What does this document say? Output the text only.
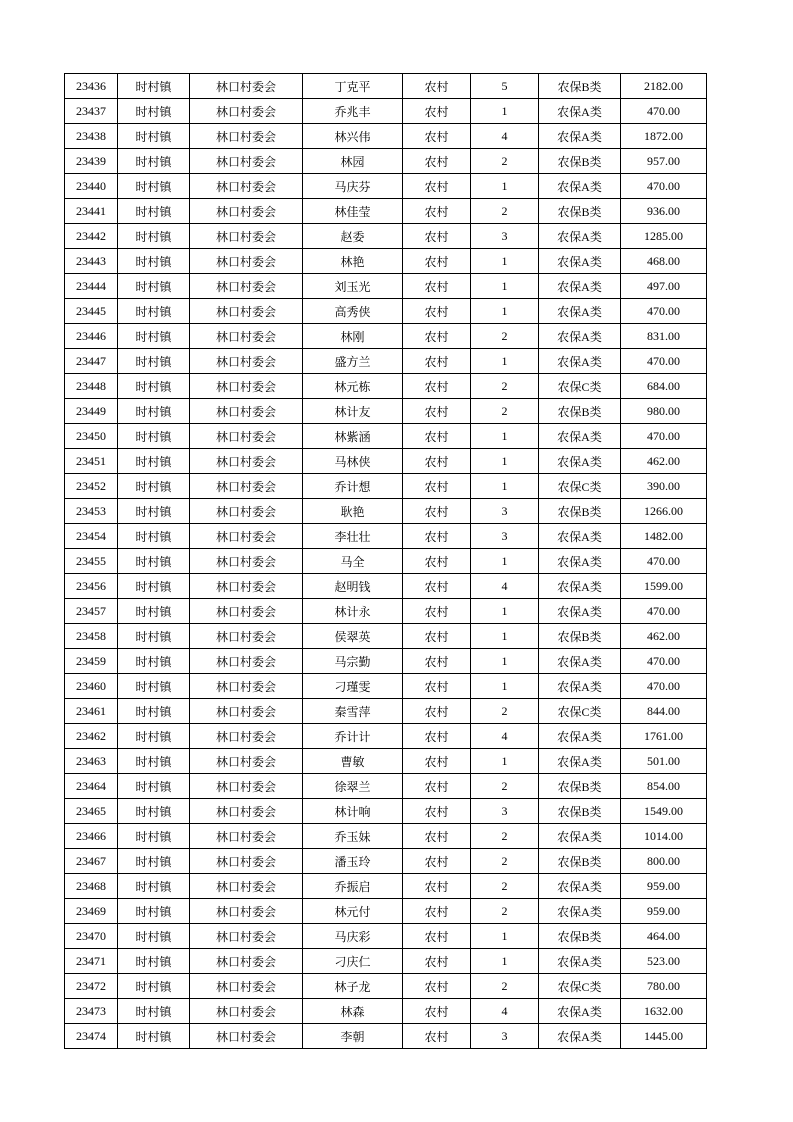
23436	时村镇	林口村委会	丁克平	农村	5	农保B类	2182.00
23437	时村镇	林口村委会	乔兆丰	农村	1	农保A类	470.00
23438	时村镇	林口村委会	林兴伟	农村	4	农保A类	1872.00
23439	时村镇	林口村委会	林园	农村	2	农保B类	957.00
23440	时村镇	林口村委会	马庆芬	农村	1	农保A类	470.00
23441	时村镇	林口村委会	林佳莹	农村	2	农保B类	936.00
23442	时村镇	林口村委会	赵委	农村	3	农保A类	1285.00
23443	时村镇	林口村委会	林艳	农村	1	农保A类	468.00
23444	时村镇	林口村委会	刘玉光	农村	1	农保A类	497.00
23445	时村镇	林口村委会	高秀侠	农村	1	农保A类	470.00
23446	时村镇	林口村委会	林刚	农村	2	农保A类	831.00
23447	时村镇	林口村委会	盛方兰	农村	1	农保A类	470.00
23448	时村镇	林口村委会	林元栋	农村	2	农保C类	684.00
23449	时村镇	林口村委会	林计友	农村	2	农保B类	980.00
23450	时村镇	林口村委会	林紫涵	农村	1	农保A类	470.00
23451	时村镇	林口村委会	马林侠	农村	1	农保A类	462.00
23452	时村镇	林口村委会	乔计想	农村	1	农保C类	390.00
23453	时村镇	林口村委会	耿艳	农村	3	农保B类	1266.00
23454	时村镇	林口村委会	李壮壮	农村	3	农保A类	1482.00
23455	时村镇	林口村委会	马全	农村	1	农保A类	470.00
23456	时村镇	林口村委会	赵明钱	农村	4	农保A类	1599.00
23457	时村镇	林口村委会	林计永	农村	1	农保A类	470.00
23458	时村镇	林口村委会	侯翠英	农村	1	农保B类	462.00
23459	时村镇	林口村委会	马宗勤	农村	1	农保A类	470.00
23460	时村镇	林口村委会	刁瑾雯	农村	1	农保A类	470.00
23461	时村镇	林口村委会	秦雪萍	农村	2	农保C类	844.00
23462	时村镇	林口村委会	乔计计	农村	4	农保A类	1761.00
23463	时村镇	林口村委会	曹敏	农村	1	农保A类	501.00
23464	时村镇	林口村委会	徐翠兰	农村	2	农保B类	854.00
23465	时村镇	林口村委会	林计响	农村	3	农保B类	1549.00
23466	时村镇	林口村委会	乔玉妹	农村	2	农保A类	1014.00
23467	时村镇	林口村委会	潘玉玲	农村	2	农保B类	800.00
23468	时村镇	林口村委会	乔振启	农村	2	农保A类	959.00
23469	时村镇	林口村委会	林元付	农村	2	农保A类	959.00
23470	时村镇	林口村委会	马庆彩	农村	1	农保B类	464.00
23471	时村镇	林口村委会	刁庆仁	农村	1	农保A类	523.00
23472	时村镇	林口村委会	林子龙	农村	2	农保C类	780.00
23473	时村镇	林口村委会	林森	农村	4	农保A类	1632.00
23474	时村镇	林口村委会	李朝	农村	3	农保A类	1445.00
